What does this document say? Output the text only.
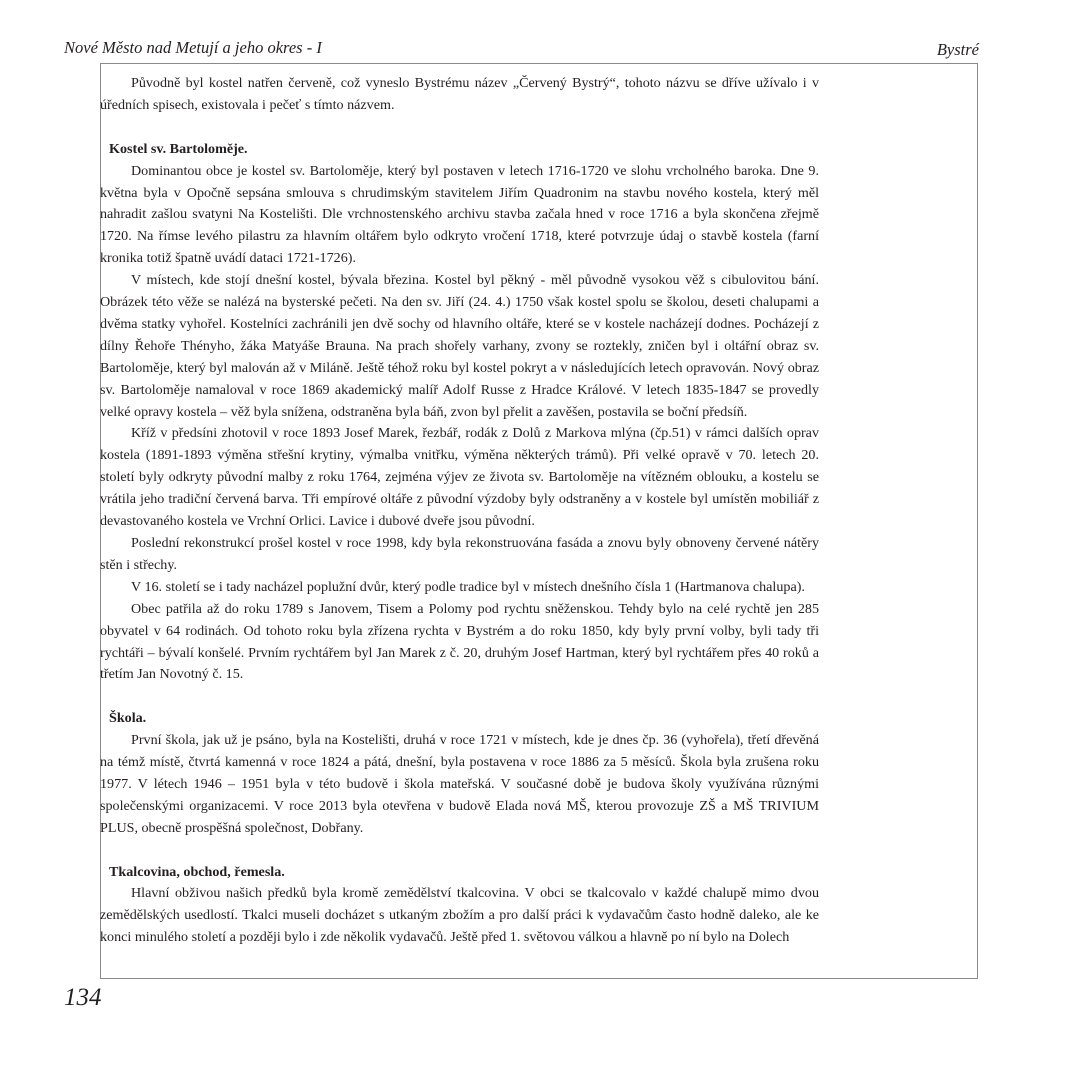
Nové Město nad Metují a jeho okres - I	Bystré

Původně byl kostel natřen červeně, což vyneslo Bystrému název „Červený Bystrý“, tohoto názvu se dříve užívalo i v úředních spisech, existovala i pečeť s tímto názvem.

Kostel sv. Bartoloměje.

Dominantou obce je kostel sv. Bartoloměje, který byl postaven v letech 1716-1720 ve slohu vrcholného baroka. Dne 9. května byla v Opočně sepsána smlouva s chrudimským stavitelem Jiřím Quadronim na stavbu nového kostela, který měl nahradit zašlou svatyni Na Kostelišti. Dle vrchnostenského archivu stavba začala hned v roce 1716 a byla skončena zřejmě 1720. Na římse levého pilastru za hlavním oltářem bylo odkryto vročení 1718, které potvrzuje údaj o stavbě kostela (farní kronika totiž špatně uvádí dataci 1721-1726).

V místech, kde stojí dnešní kostel, bývala březina. Kostel byl pěkný - měl původně vysokou věž s cibulovitou bání. Obrázek této věže se nalézá na bysterské pečeti. Na den sv. Jiří (24. 4.) 1750 však kostel spolu se školou, deseti chalupami a dvěma statky vyhořel. Kostelníci zachránili jen dvě sochy od hlavního oltáře, které se v kostele nacházejí dodnes. Pocházejí z dílny Řehoře Thényho, žáka Matyáše Brauna. Na prach shořely varhany, zvony se roztekly, zničen byl i oltářní obraz sv. Bartoloměje, který byl malován až v Miláně. Ještě téhož roku byl kostel pokryt a v následujících letech opravován. Nový obraz sv. Bartoloměje namaloval v roce 1869 akademický malíř Adolf Russe z Hradce Králové. V letech 1835-1847 se provedly velké opravy kostela – věž byla snížena, odstraněna byla báň, zvon byl přelit a zavěšen, postavila se boční předsíň.

Kříž v předsíni zhotovil v roce 1893 Josef Marek, řezbář, rodák z Dolů z Markova mlýna (čp.51) v rámci dalších oprav kostela (1891-1893 výměna střešní krytiny, výmalba vnitřku, výměna některých trámů). Při velké opravě v 70. letech 20. století byly odkryty původní malby z roku 1764, zejména výjev ze života sv. Bartoloměje na vítězném oblouku, a kostelu se vrátila jeho tradiční červená barva. Tři empírové oltáře z původní výzdoby byly odstraněny a v kostele byl umístěn mobiliář z devastovaného kostela ve Vrchní Orlici. Lavice i dubové dveře jsou původní.

Poslední rekonstrukcí prošel kostel v roce 1998, kdy byla rekonstruována fasáda a znovu byly obnoveny červené nátěry stěn i střechy.

V 16. století se i tady nacházel poplužní dvůr, který podle tradice byl v místech dnešního čísla 1 (Hartmanova chalupa).

Obec patřila až do roku 1789 s Janovem, Tisem a Polomy pod rychtu sněženskou. Tehdy bylo na celé rychtě jen 285 obyvatel v 64 rodinách. Od tohoto roku byla zřízena rychta v Bystrém a do roku 1850, kdy byly první volby, byli tady tři rychtáři – bývalí konšelé. Prvním rychtářem byl Jan Marek z č. 20, druhým Josef Hartman, který byl rychtářem přes 40 roků a třetím Jan Novotný č. 15.

Škola.

První škola, jak už je psáno, byla na Kostelišti, druhá v roce 1721 v místech, kde je dnes čp. 36 (vyhořela), třetí dřevěná na témž místě, čtvrtá kamenná v roce 1824 a pátá, dnešní, byla postavena v roce 1886 za 5 měsíců. Škola byla zrušena roku 1977. V létech 1946 – 1951 byla v této budově i škola mateřská. V současné době je budova školy využívána různými společenskými organizacemi. V roce 2013 byla otevřena v budově Elada nová MŠ, kterou provozuje ZŠ a MŠ TRIVIUM PLUS, obecně prospěšná společnost, Dobřany.

Tkalcovina, obchod, řemesla.

Hlavní obživou našich předků byla kromě zemědělství tkalcovina. V obci se tkalcovalo v každé chalupě mimo dvou zemědělských usedlostí. Tkalci museli docházet s utkaným zbožím a pro další práci k vydavačům často hodně daleko, ale ke konci minulého století a později bylo i zde několik vydavačů. Ještě před 1. světovou válkou a hlavně po ní bylo na Dolech

134
